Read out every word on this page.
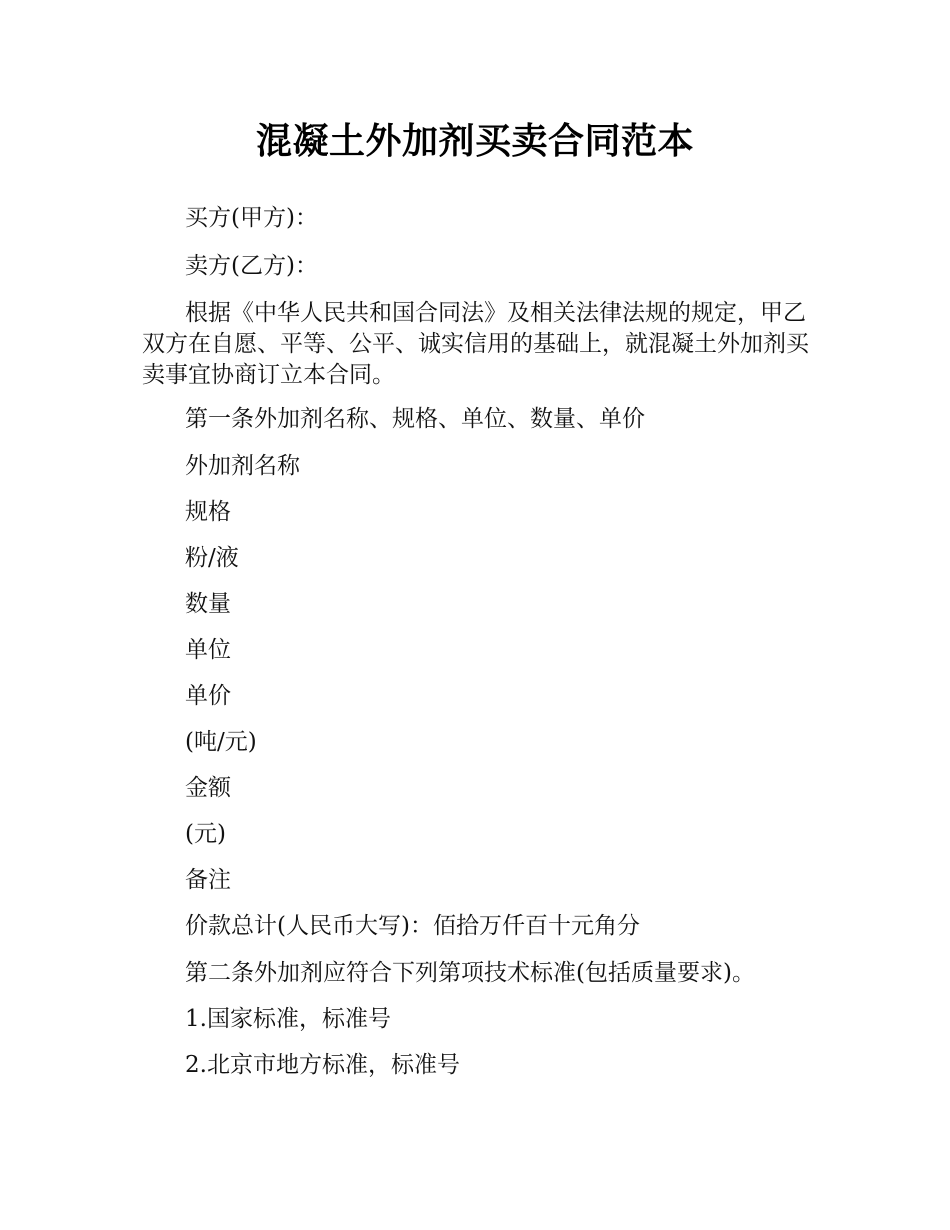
混凝土外加剂买卖合同范本
买方(甲方)：
卖方(乙方)：
根据《中华人民共和国合同法》及相关法律法规的规定，甲乙双方在自愿、平等、公平、诚实信用的基础上，就混凝土外加剂买卖事宜协商订立本合同。
第一条外加剂名称、规格、单位、数量、单价
外加剂名称
规格
粉/液
数量
单位
单价
(吨/元)
金额
(元)
备注
价款总计(人民币大写)：佰拾万仟百十元角分
第二条外加剂应符合下列第项技术标准(包括质量要求)。
1.国家标准，标准号
2.北京市地方标准，标准号
